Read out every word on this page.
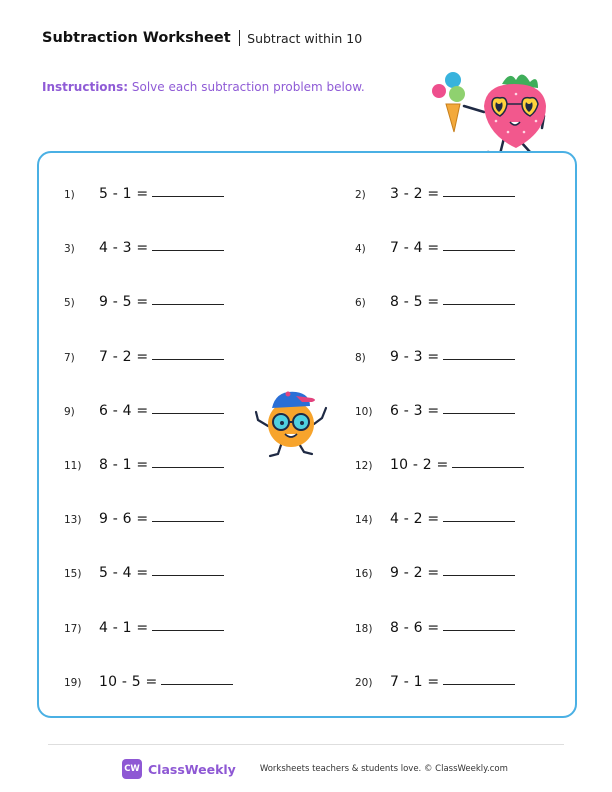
Subtraction Worksheet Subtract within 10
Instructions: Solve each subtraction problem below.
1)	5 - 1 =	2)	3 - 2 =
3)	4 - 3 =	4)	7 - 4 =
5)	9 - 5 =	6)	8 - 5 =
7)	7 - 2 =	8)	9 - 3 =
9)	6 - 4 =	10)	6 - 3 =
11)	8 - 1 =	12)	10 - 2 =
13)	9 - 6 =	14)	4 - 2 =
15)	5 - 4 =	16)	9 - 2 =
17)	4 - 1 =	18)	8 - 6 =
19)	10 - 5 =	20)	7 - 1 =
CW ClassWeekly	Worksheets teachers & students love. © ClassWeekly.com
